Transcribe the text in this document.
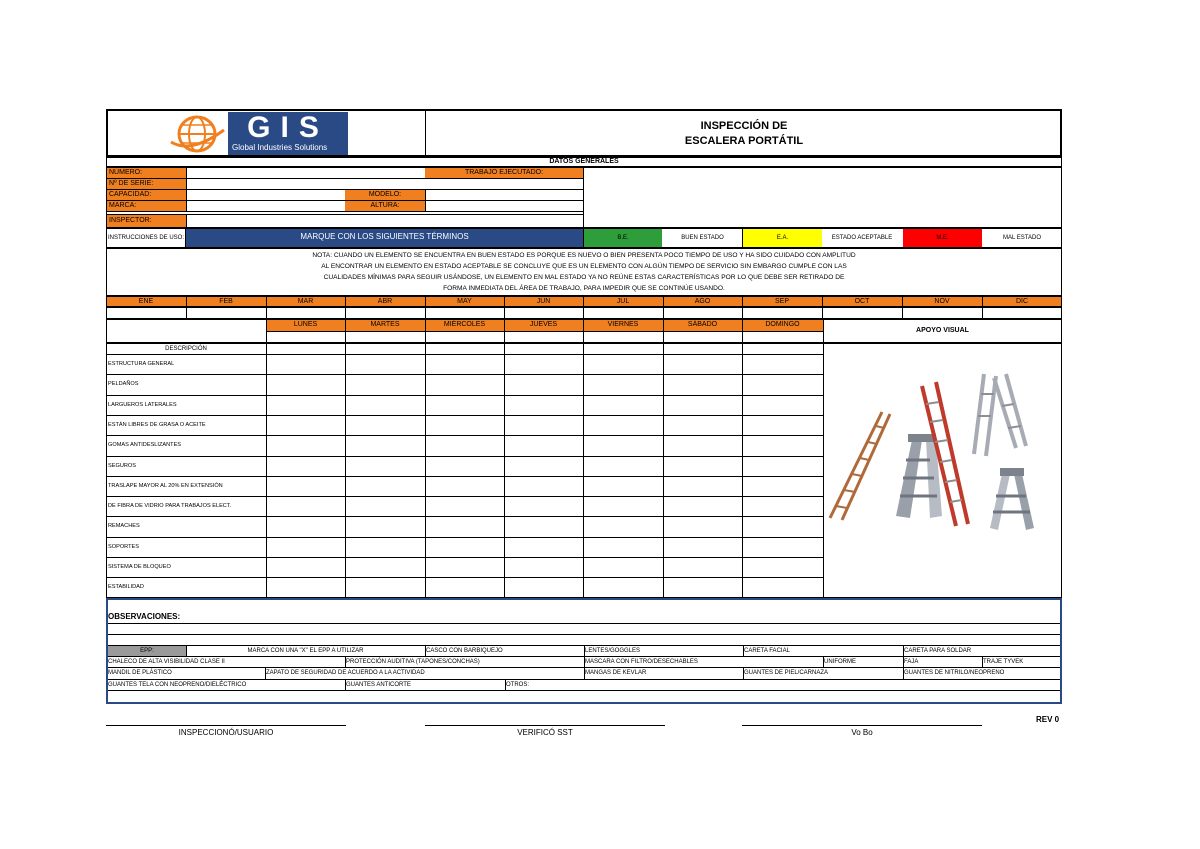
GIS
Global Industries Solutions
INSPECCIÓN DE
ESCALERA PORTÁTIL
DATOS GENERALES
NÚMERO:	TRABAJO EJECUTADO:
Nº DE SERIE:
CAPACIDAD:	MODELO:
MARCA:	ALTURA:
INSPECTOR:
INSTRUCCIONES DE USO:	MARQUE CON LOS SIGUIENTES TÉRMINOS	B.E.	BUEN ESTADO	E.A.	ESTADO ACEPTABLE	M.E.	MAL ESTADO
NOTA: CUANDO UN ELEMENTO SE ENCUENTRA EN BUEN ESTADO ES PORQUE ES NUEVO O BIEN PRESENTA POCO TIEMPO DE USO Y HA SIDO CUIDADO CON AMPLITUD
AL ENCONTRAR UN ELEMENTO EN ESTADO ACEPTABLE SE CONCLUYE QUE ES UN ELEMENTO CON ALGÚN TIEMPO DE SERVICIO SIN EMBARGO CUMPLE CON LAS
CUALIDADES MÍNIMAS PARA SEGUIR USÁNDOSE, UN ELEMENTO EN MAL ESTADO YA NO REÚNE ESTAS CARACTERÍSTICAS POR LO QUE DEBE SER RETIRADO DE
FORMA INMEDIATA DEL ÁREA DE TRABAJO, PARA IMPEDIR QUE SE CONTINÚE USANDO.
ENE	FEB	MAR	ABR	MAY	JUN	JUL	AGO	SEP	OCT	NOV	DIC
LUNES	MARTES	MIÉRCOLES	JUEVES	VIERNES	SÁBADO	DOMINGO
APOYO VISUAL
DESCRIPCIÓN
ESTRUCTURA GENERAL
PELDAÑOS
LARGUEROS LATERALES
ESTÁN LIBRES DE GRASA O ACEITE
GOMAS ANTIDESLIZANTES
SEGUROS
TRASLAPE MAYOR AL 20% EN EXTENSIÓN
DE FIBRA DE VIDRIO PARA TRABAJOS ELECT.
REMACHES
SOPORTES
SISTEMA DE BLOQUEO
ESTABILIDAD
OBSERVACIONES:
EPP:	MARCA CON UNA "X" EL EPP A UTILIZAR	CASCO CON BARBIQUEJO	LENTES/GOGGLES	CARETA FACIAL	CARETA PARA SOLDAR
CHALECO DE ALTA VISIBILIDAD CLASE II	PROTECCIÓN AUDITIVA (TAPONES/CONCHAS)	MASCARA CON FILTRO/DESECHABLES	UNIFORME	FAJA	TRAJE TYVEK
MANDIL DE PLÁSTICO	ZAPATO DE SEGURIDAD DE ACUERDO A LA ACTIVIDAD	MANGAS DE KEVLAR	GUANTES DE PIEL/CARNAZA	GUANTES DE NITRILO/NEOPRENO
GUANTES TELA CON NEOPRENO/DIELÉCTRICO	GUANTES ANTICORTE	OTROS:
INSPECCIONÓ/USUARIO	VERIFICÓ SST	Vo Bo
REV 0
